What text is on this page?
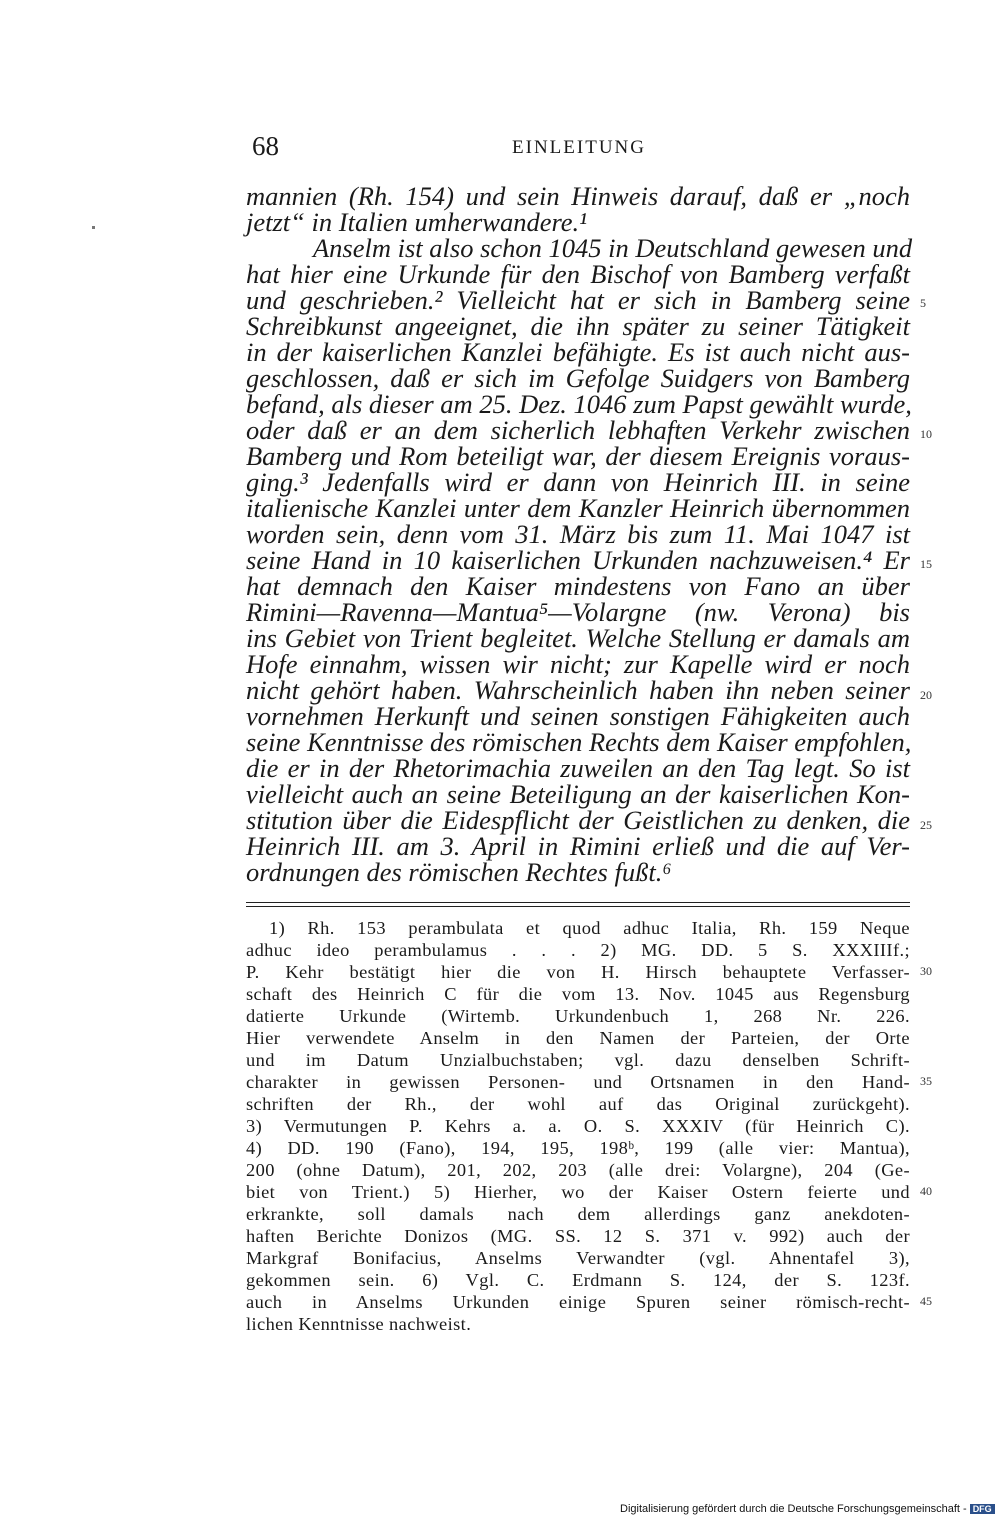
68	EINLEITUNG
mannien (Rh. 154) und sein Hinweis darauf, daß er „noch
jetzt“ in Italien umherwandere.¹
Anselm ist also schon 1045 in Deutschland gewesen und
hat hier eine Urkunde für den Bischof von Bamberg verfaßt
und geschrieben.² Vielleicht hat er sich in Bamberg seine
Schreibkunst angeeignet, die ihn später zu seiner Tätigkeit
in der kaiserlichen Kanzlei befähigte. Es ist auch nicht aus-
geschlossen, daß er sich im Gefolge Suidgers von Bamberg
befand, als dieser am 25. Dez. 1046 zum Papst gewählt wurde,
oder daß er an dem sicherlich lebhaften Verkehr zwischen
Bamberg und Rom beteiligt war, der diesem Ereignis voraus-
ging.³ Jedenfalls wird er dann von Heinrich III. in seine
italienische Kanzlei unter dem Kanzler Heinrich übernommen
worden sein, denn vom 31. März bis zum 11. Mai 1047 ist
seine Hand in 10 kaiserlichen Urkunden nachzuweisen.⁴ Er
hat demnach den Kaiser mindestens von Fano an über
Rimini—Ravenna—Mantua⁵—Volargne (nw. Verona) bis
ins Gebiet von Trient begleitet. Welche Stellung er damals am
Hofe einnahm, wissen wir nicht; zur Kapelle wird er noch
nicht gehört haben. Wahrscheinlich haben ihn neben seiner
vornehmen Herkunft und seinen sonstigen Fähigkeiten auch
seine Kenntnisse des römischen Rechts dem Kaiser empfohlen,
die er in der Rhetorimachia zuweilen an den Tag legt. So ist
vielleicht auch an seine Beteiligung an der kaiserlichen Kon-
stitution über die Eidespflicht der Geistlichen zu denken, die
Heinrich III. am 3. April in Rimini erließ und die auf Ver-
ordnungen des römischen Rechtes fußt.⁶
1) Rh. 153 perambulata et quod adhuc Italia, Rh. 159 Neque
adhuc ideo perambulamus . . . 2) MG. DD. 5 S. XXXIIIf.;
P. Kehr bestätigt hier die von H. Hirsch behauptete Verfasser-
schaft des Heinrich C für die vom 13. Nov. 1045 aus Regensburg
datierte Urkunde (Wirtemb. Urkundenbuch 1, 268 Nr. 226.
Hier verwendete Anselm in den Namen der Parteien, der Orte
und im Datum Unzialbuchstaben; vgl. dazu denselben Schrift-
charakter in gewissen Personen- und Ortsnamen in den Hand-
schriften der Rh., der wohl auf das Original zurückgeht).
3) Vermutungen P. Kehrs a. a. O. S. XXXIV (für Heinrich C).
4) DD. 190 (Fano), 194, 195, 198ᵇ, 199 (alle vier: Mantua),
200 (ohne Datum), 201, 202, 203 (alle drei: Volargne), 204 (Ge-
biet von Trient.) 5) Hierher, wo der Kaiser Ostern feierte und
erkrankte, soll damals nach dem allerdings ganz anekdoten-
haften Berichte Donizos (MG. SS. 12 S. 371 v. 992) auch der
Markgraf Bonifacius, Anselms Verwandter (vgl. Ahnentafel 3),
gekommen sein. 6) Vgl. C. Erdmann S. 124, der S. 123f.
auch in Anselms Urkunden einige Spuren seiner römisch-recht-
lichen Kenntnisse nachweist.
5
10
15
20
25
30
35
40
45
Digitalisierung gefördert durch die Deutsche Forschungsgemeinschaft - DFG
